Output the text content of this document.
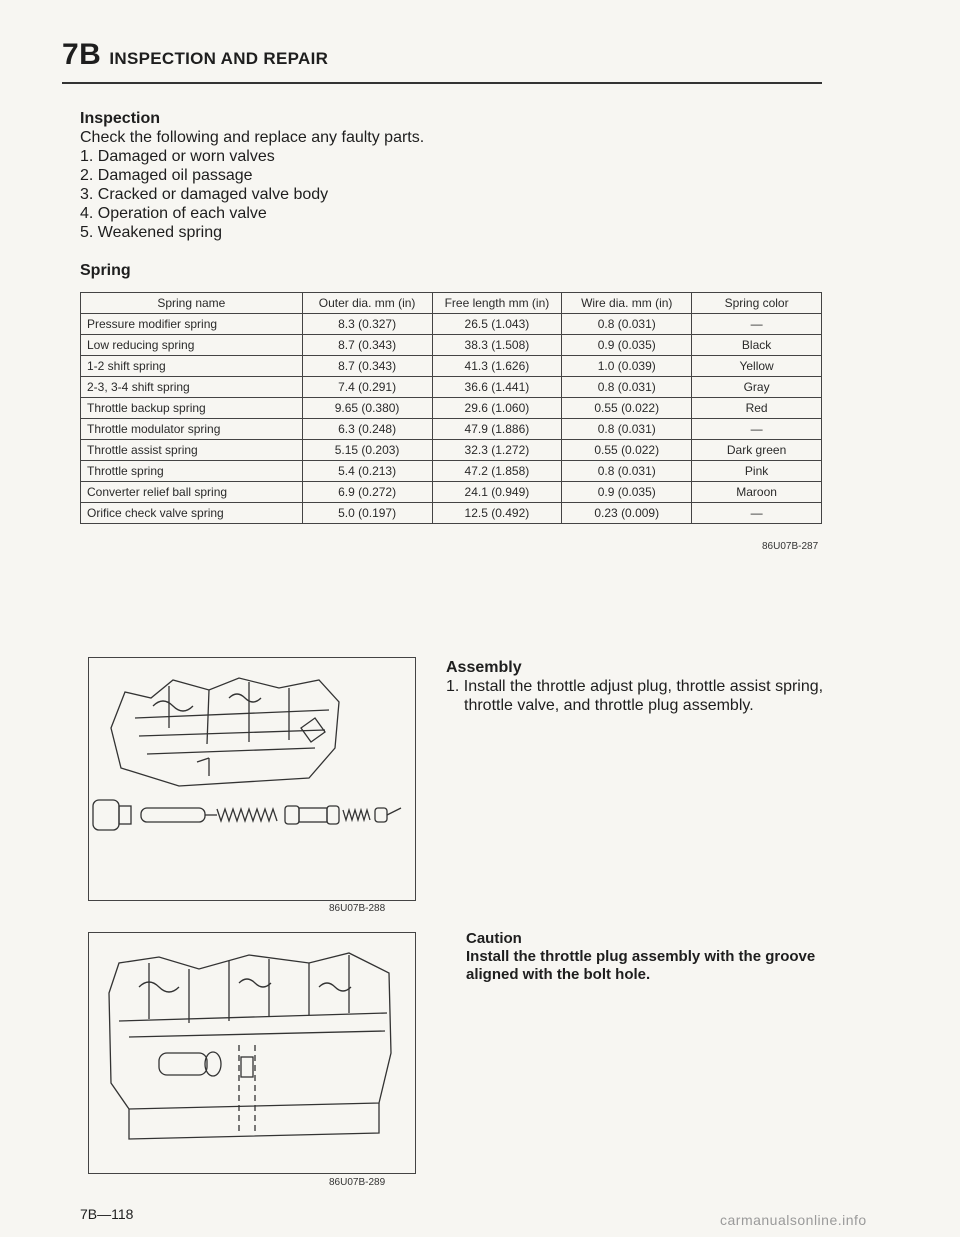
7B INSPECTION AND REPAIR
Inspection
Check the following and replace any faulty parts.
1. Damaged or worn valves
2. Damaged oil passage
3. Cracked or damaged valve body
4. Operation of each valve
5. Weakened spring
Spring
Spring name	Outer dia. mm (in)	Free length mm (in)	Wire dia. mm (in)	Spring color
Pressure modifier spring	8.3 (0.327)	26.5 (1.043)	0.8 (0.031)	—
Low reducing spring	8.7 (0.343)	38.3 (1.508)	0.9 (0.035)	Black
1-2 shift spring	8.7 (0.343)	41.3 (1.626)	1.0 (0.039)	Yellow
2-3, 3-4 shift spring	7.4 (0.291)	36.6 (1.441)	0.8 (0.031)	Gray
Throttle backup spring	9.65 (0.380)	29.6 (1.060)	0.55 (0.022)	Red
Throttle modulator spring	6.3 (0.248)	47.9 (1.886)	0.8 (0.031)	—
Throttle assist spring	5.15 (0.203)	32.3 (1.272)	0.55 (0.022)	Dark green
Throttle spring	5.4 (0.213)	47.2 (1.858)	0.8 (0.031)	Pink
Converter relief ball spring	6.9 (0.272)	24.1 (0.949)	0.9 (0.035)	Maroon
Orifice check valve spring	5.0 (0.197)	12.5 (0.492)	0.23 (0.009)	—
86U07B-287
86U07B-288
86U07B-289
Assembly
1. Install the throttle adjust plug, throttle assist spring, throttle valve, and throttle plug assembly.
Caution
Install the throttle plug assembly with the groove aligned with the bolt hole.
7B—118	carmanualsonline.info
